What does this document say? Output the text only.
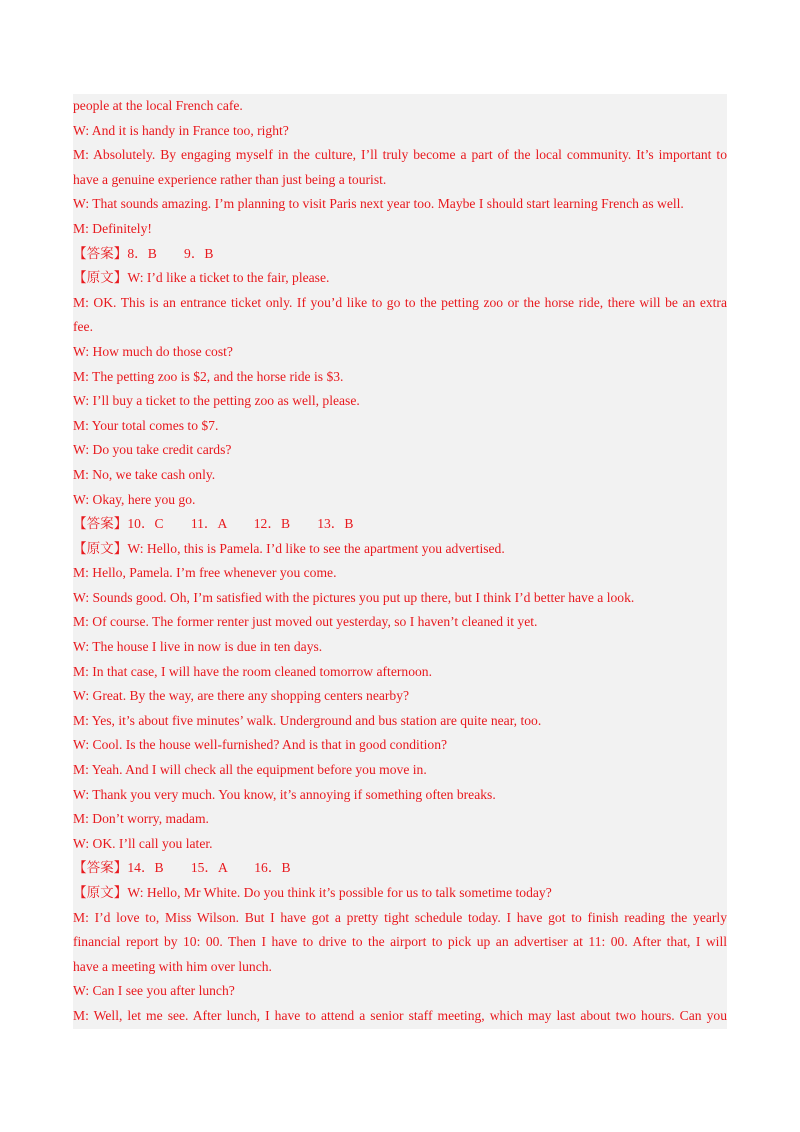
people at the local French cafe.
W: And it is handy in France too, right?
M: Absolutely. By engaging myself in the culture, I’ll truly become a part of the local community. It’s important to
have a genuine experience rather than just being a tourist.
W: That sounds amazing. I’m planning to visit Paris next year too. Maybe I should start learning French as well.
M: Definitely!
【答案】8．B　　9．B
【原文】W: I’d like a ticket to the fair, please.
M: OK. This is an entrance ticket only. If you’d like to go to the petting zoo or the horse ride, there will be an extra
fee.
W: How much do those cost?
M: The petting zoo is $2, and the horse ride is $3.
W: I’ll buy a ticket to the petting zoo as well, please.
M: Your total comes to $7.
W: Do you take credit cards?
M: No, we take cash only.
W: Okay, here you go.
【答案】10．C　　11．A　　12．B　　13．B
【原文】W: Hello, this is Pamela. I’d like to see the apartment you advertised.
M: Hello, Pamela. I’m free whenever you come.
W: Sounds good. Oh, I’m satisfied with the pictures you put up there, but I think I’d better have a look.
M: Of course. The former renter just moved out yesterday, so I haven’t cleaned it yet.
W: The house I live in now is due in ten days.
M: In that case, I will have the room cleaned tomorrow afternoon.
W: Great. By the way, are there any shopping centers nearby?
M: Yes, it’s about five minutes’ walk. Underground and bus station are quite near, too.
W: Cool. Is the house well-furnished? And is that in good condition?
M: Yeah. And I will check all the equipment before you move in.
W: Thank you very much. You know, it’s annoying if something often breaks.
M: Don’t worry, madam.
W: OK. I’ll call you later.
【答案】14．B　　15．A　　16．B
【原文】W: Hello, Mr White. Do you think it’s possible for us to talk sometime today?
M: I’d love to, Miss Wilson. But I have got a pretty tight schedule today. I have got to finish reading the yearly
financial report by 10: 00. Then I have to drive to the airport to pick up an advertiser at 11: 00. After that, I will
have a meeting with him over lunch.
W: Can I see you after lunch?
M: Well, let me see. After lunch, I have to attend a senior staff meeting, which may last about two hours. Can you
